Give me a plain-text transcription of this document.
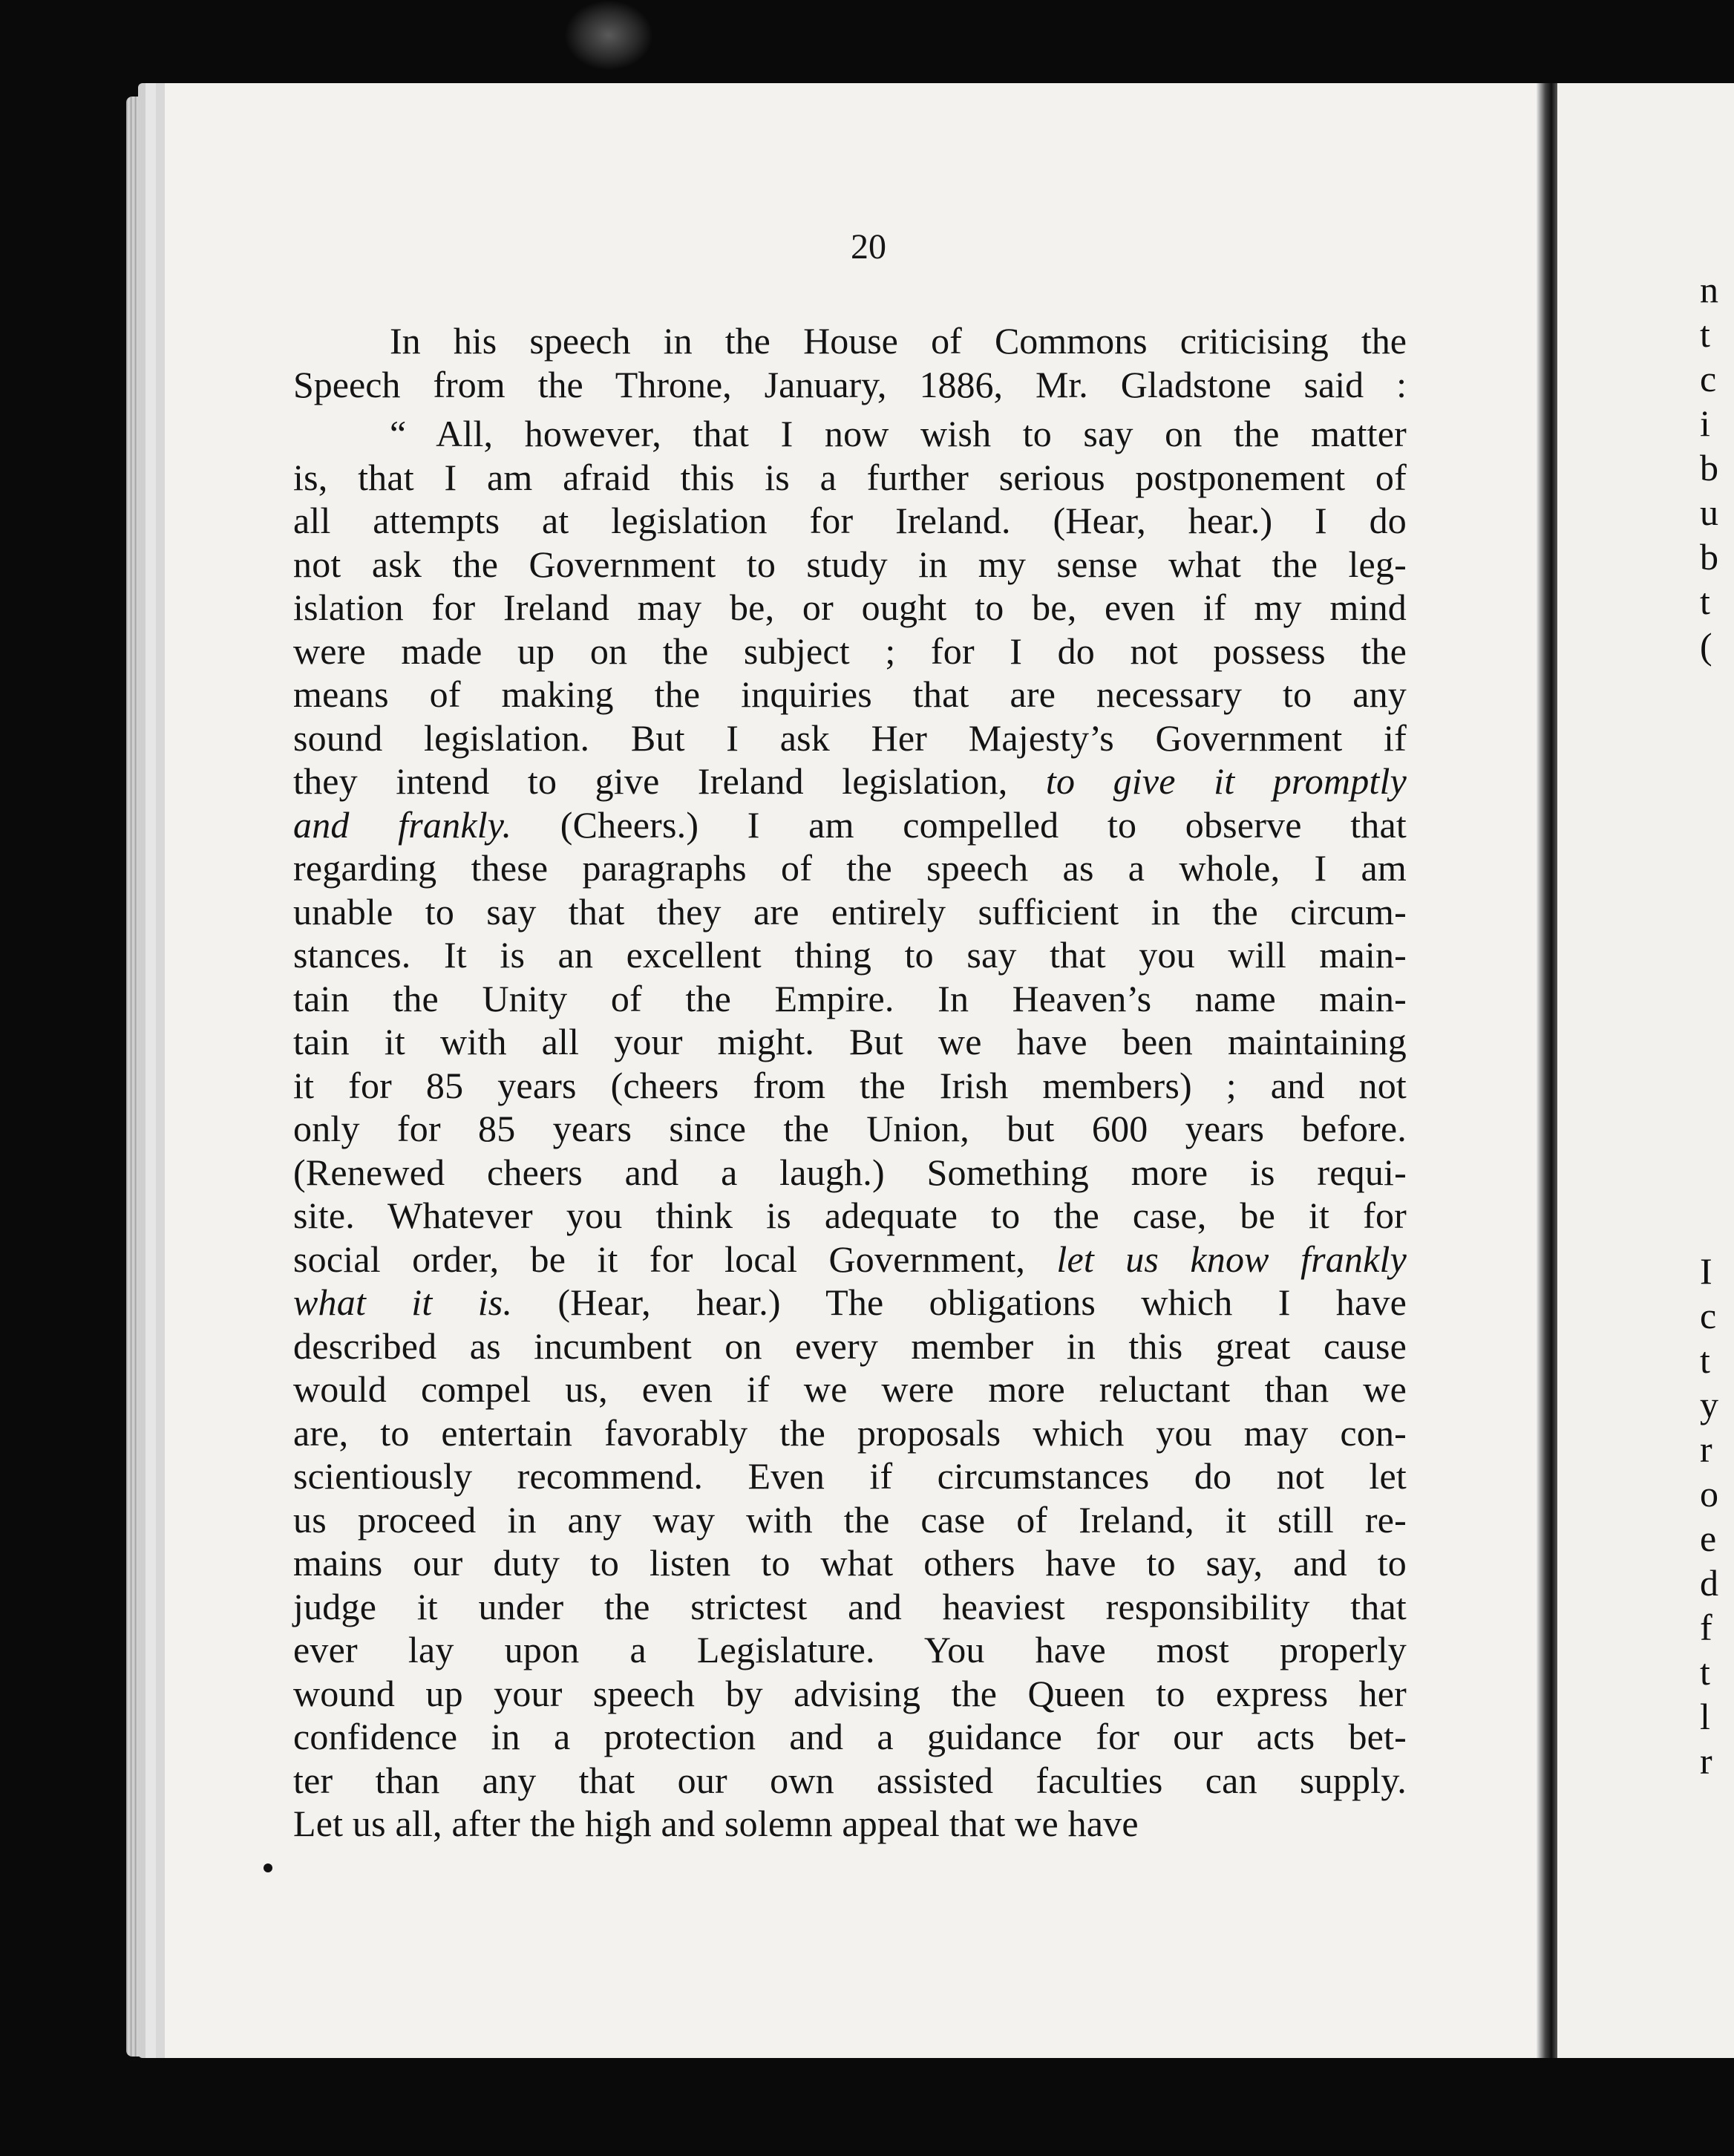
20
In his speech in the House of Commons criticising the
Speech from the Throne, January, 1886, Mr. Gladstone said :
“ All, however, that I now wish to say on the matter
is, that I am afraid this is a further serious postponement of
all attempts at legislation for Ireland. (Hear, hear.) I do
not ask the Government to study in my sense what the leg-
islation for Ireland may be, or ought to be, even if my mind
were made up on the subject ; for I do not possess the
means of making the inquiries that are necessary to any
sound legislation. But I ask Her Majesty’s Government if
they intend to give Ireland legislation, to give it promptly
and frankly. (Cheers.) I am compelled to observe that
regarding these paragraphs of the speech as a whole, I am
unable to say that they are entirely sufficient in the circum-
stances. It is an excellent thing to say that you will main-
tain the Unity of the Empire. In Heaven’s name main-
tain it with all your might. But we have been maintaining
it for 85 years (cheers from the Irish members) ; and not
only for 85 years since the Union, but 600 years before.
(Renewed cheers and a laugh.) Something more is requi-
site. Whatever you think is adequate to the case, be it for
social order, be it for local Government, let us know frankly
what it is. (Hear, hear.) The obligations which I have
described as incumbent on every member in this great cause
would compel us, even if we were more reluctant than we
are, to entertain favorably the proposals which you may con-
scientiously recommend. Even if circumstances do not let
us proceed in any way with the case of Ireland, it still re-
mains our duty to listen to what others have to say, and to
judge it under the strictest and heaviest responsibility that
ever lay upon a Legislature. You have most properly
wound up your speech by advising the Queen to express her
confidence in a protection and a guidance for our acts bet-
ter than any that our own assisted faculties can supply.
Let us all, after the high and solemn appeal that we have
n
t
c
i
b
u
b
t
(
I
c
t
y
r
o
e
d
f
t
l
r
